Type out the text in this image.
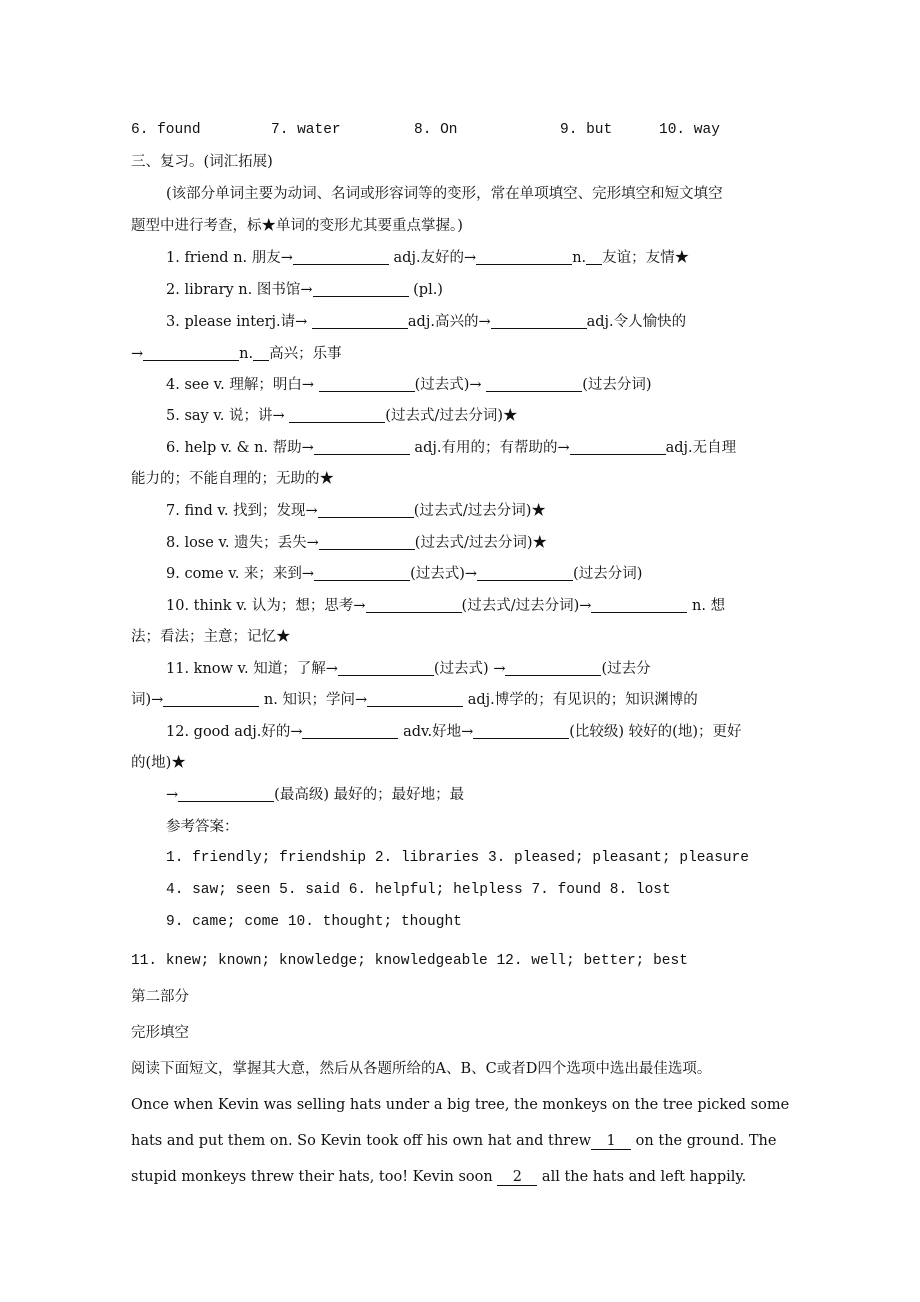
6. found	7. water	8. On	9. but	10. way
三、复习。(词汇拓展)
(该部分单词主要为动词、名词或形容词等的变形，常在单项填空、完形填空和短文填空
题型中进行考查，标★单词的变形尤其要重点掌握。)
1. friend n. 朋友→	adj.友好的→	n. 友谊；友情★
2. library n. 图书馆→	(pl.)
3. please interj.请→	adj.高兴的→	adj.令人愉快的
→	n. 高兴；乐事
4. see v. 理解；明白→	(过去式)→	(过去分词)
5. say v. 说；讲→	(过去式/过去分词)★
6. help v. & n. 帮助→	adj.有用的；有帮助的→	adj.无自理
能力的；不能自理的；无助的★
7. find v. 找到；发现→	(过去式/过去分词)★
8. lose v. 遗失；丢失→	(过去式/过去分词)★
9. come v. 来；来到→	(过去式)→	(过去分词)
10. think v. 认为；想；思考→	(过去式/过去分词)→	n. 想
法；看法；主意；记忆★
11. know v. 知道；了解→	(过去式) →	(过去分
词)→	n. 知识；学问→	adj.博学的；有见识的；知识渊博的
12. good adj.好的→	adv.好地→	(比较级) 较好的(地)；更好
的(地)★
→	(最高级) 最好的；最好地；最
参考答案：
1. friendly; friendship 2. libraries 3. pleased; pleasant; pleasure
4. saw; seen 5. said 6. helpful; helpless 7. found 8. lost
9. came; come 10. thought; thought
11. knew; known; knowledge; knowledgeable 12. well; better; best
第二部分
完形填空
阅读下面短文，掌握其大意，然后从各题所给的A、B、C或者D四个选项中选出最佳选项。
Once when Kevin was selling hats under a big tree, the monkeys on the tree picked some
hats and put them on. So Kevin took off his own hat and threw 1 on the ground. The
stupid monkeys threw their hats, too! Kevin soon 2 all the hats and left happily.
